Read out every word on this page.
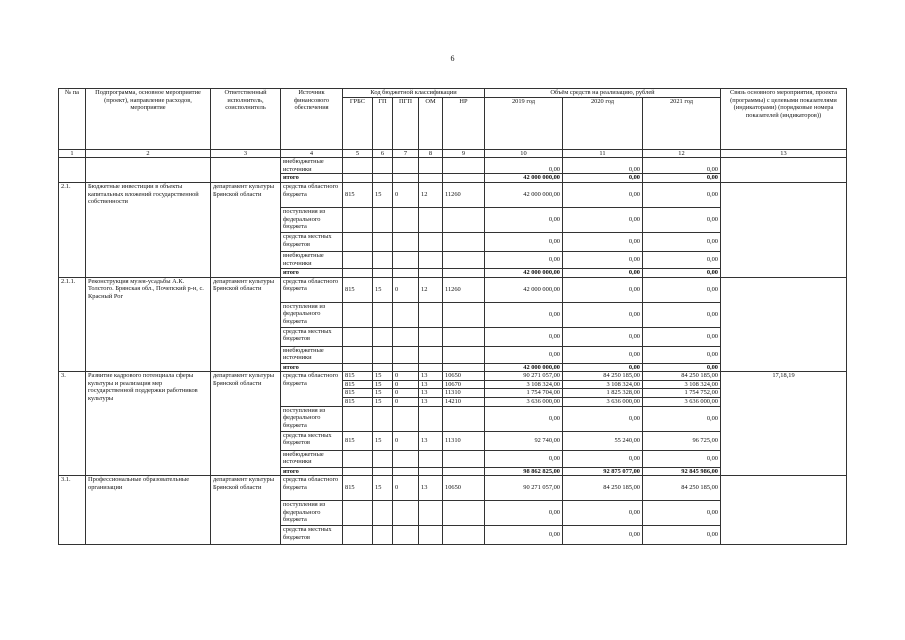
6
№ па	Подпрограмма, основное мероприятие (проект), направление расходов, мероприятие	Ответственный исполнитель, соисполнитель	Источник финансового обеспечения	Код бюджетной классификации					Объём средств на реализацию, рублей			Связь основного мероприятия, проекта (программы) с целевыми показателями (индикаторами) (порядковые номера показателей (индикаторов))
				ГРБС	ГП	ПГП	ОМ	НР	2019 год	2020 год	2021 год	
1	2	3	4	5	6	7	8	9	10	11	12	13
			внебюджетные источники						0,00	0,00	0,00	
			итого						42 000 000,00	0,00	0,00	
2.1.	Бюджетные инвестиции в объекты капитальных вложений государственной собственности	департамент культуры Брянской области	средства областного бюджета	815	15	0	12	11260	42 000 000,00	0,00	0,00	
			поступления из федерального бюджета						0,00	0,00	0,00	
			средства местных бюджетов						0,00	0,00	0,00	
			внебюджетные источники						0,00	0,00	0,00	
			итого						42 000 000,00	0,00	0,00	
2.1.1.	Реконструкция музея-усадьбы А.К. Толстого. Брянская обл., Почепский р-н, с. Красный Рог	департамент культуры Брянской области	средства областного бюджета	815	15	0	12	11260	42 000 000,00	0,00	0,00	
			поступления из федерального бюджета						0,00	0,00	0,00	
			средства местных бюджетов						0,00	0,00	0,00	
			внебюджетные источники						0,00	0,00	0,00	
			итого						42 000 000,00	0,00	0,00	
3.	Развитие кадрового потенциала сферы культуры и реализация мер государственной поддержки работников культуры	департамент культуры Брянской области	средства областного бюджета	815	15	0	13	10650	90 271 057,00	84 250 185,00	84 250 185,00	17,18,19
				815	15	0	13	10670	3 108 324,00	3 108 324,00	3 108 324,00	
				815	15	0	13	11310	1 754 704,00	1 825 328,00	1 754 752,00	
				815	15	0	13	14210	3 636 000,00	3 636 000,00	3 636 000,00	
			поступления из федерального бюджета						0,00	0,00	0,00	
			средства местных бюджетов	815	15	0	13	11310	92 740,00	55 240,00	96 725,00	
			внебюджетные источники						0,00	0,00	0,00	
			итого						98 862 825,00	92 875 077,00	92 845 986,00	
3.1.	Профессиональные образовательные организации	департамент культуры Брянской области	средства областного бюджета	815	15	0	13	10650	90 271 057,00	84 250 185,00	84 250 185,00	
			поступления из федерального бюджета						0,00	0,00	0,00	
			средства местных бюджетов						0,00	0,00	0,00	
